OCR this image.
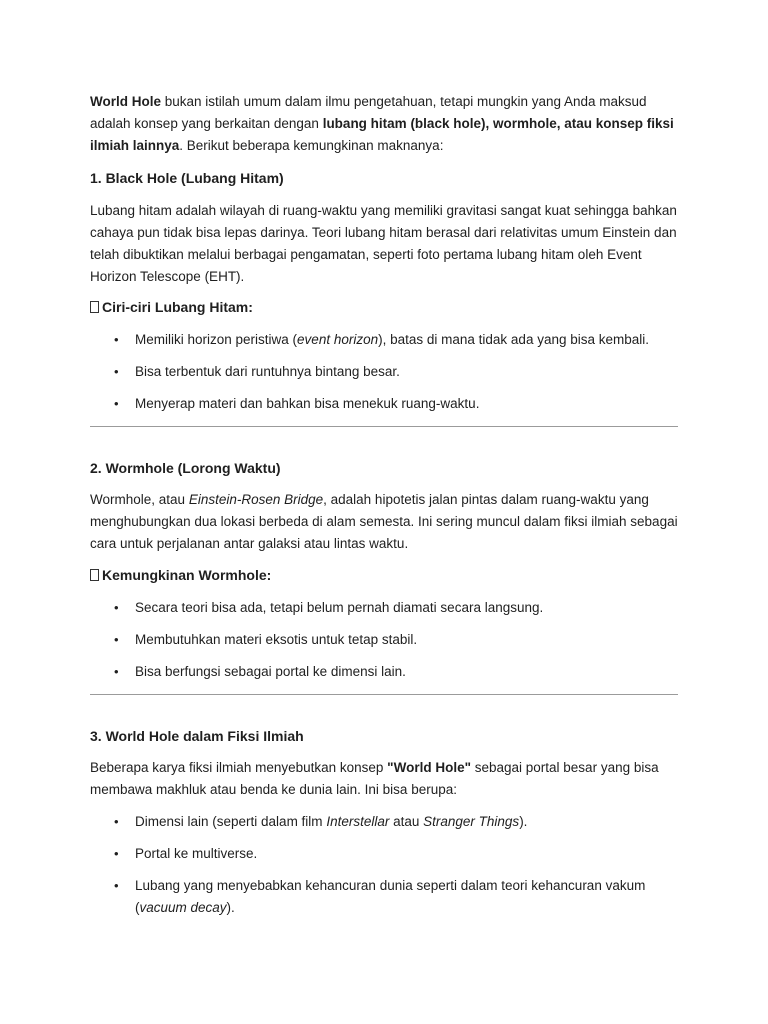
World Hole bukan istilah umum dalam ilmu pengetahuan, tetapi mungkin yang Anda maksud adalah konsep yang berkaitan dengan lubang hitam (black hole), wormhole, atau konsep fiksi ilmiah lainnya. Berikut beberapa kemungkinan maknanya:

1. Black Hole (Lubang Hitam)

Lubang hitam adalah wilayah di ruang-waktu yang memiliki gravitasi sangat kuat sehingga bahkan cahaya pun tidak bisa lepas darinya. Teori lubang hitam berasal dari relativitas umum Einstein dan telah dibuktikan melalui berbagai pengamatan, seperti foto pertama lubang hitam oleh Event Horizon Telescope (EHT).

Ciri-ciri Lubang Hitam:

• Memiliki horizon peristiwa (event horizon), batas di mana tidak ada yang bisa kembali.
• Bisa terbentuk dari runtuhnya bintang besar.
• Menyerap materi dan bahkan bisa menekuk ruang-waktu.

2. Wormhole (Lorong Waktu)

Wormhole, atau Einstein-Rosen Bridge, adalah hipotetis jalan pintas dalam ruang-waktu yang menghubungkan dua lokasi berbeda di alam semesta. Ini sering muncul dalam fiksi ilmiah sebagai cara untuk perjalanan antar galaksi atau lintas waktu.

Kemungkinan Wormhole:

• Secara teori bisa ada, tetapi belum pernah diamati secara langsung.
• Membutuhkan materi eksotis untuk tetap stabil.
• Bisa berfungsi sebagai portal ke dimensi lain.

3. World Hole dalam Fiksi Ilmiah

Beberapa karya fiksi ilmiah menyebutkan konsep "World Hole" sebagai portal besar yang bisa membawa makhluk atau benda ke dunia lain. Ini bisa berupa:

• Dimensi lain (seperti dalam film Interstellar atau Stranger Things).
• Portal ke multiverse.
• Lubang yang menyebabkan kehancuran dunia seperti dalam teori kehancuran vakum (vacuum decay).
